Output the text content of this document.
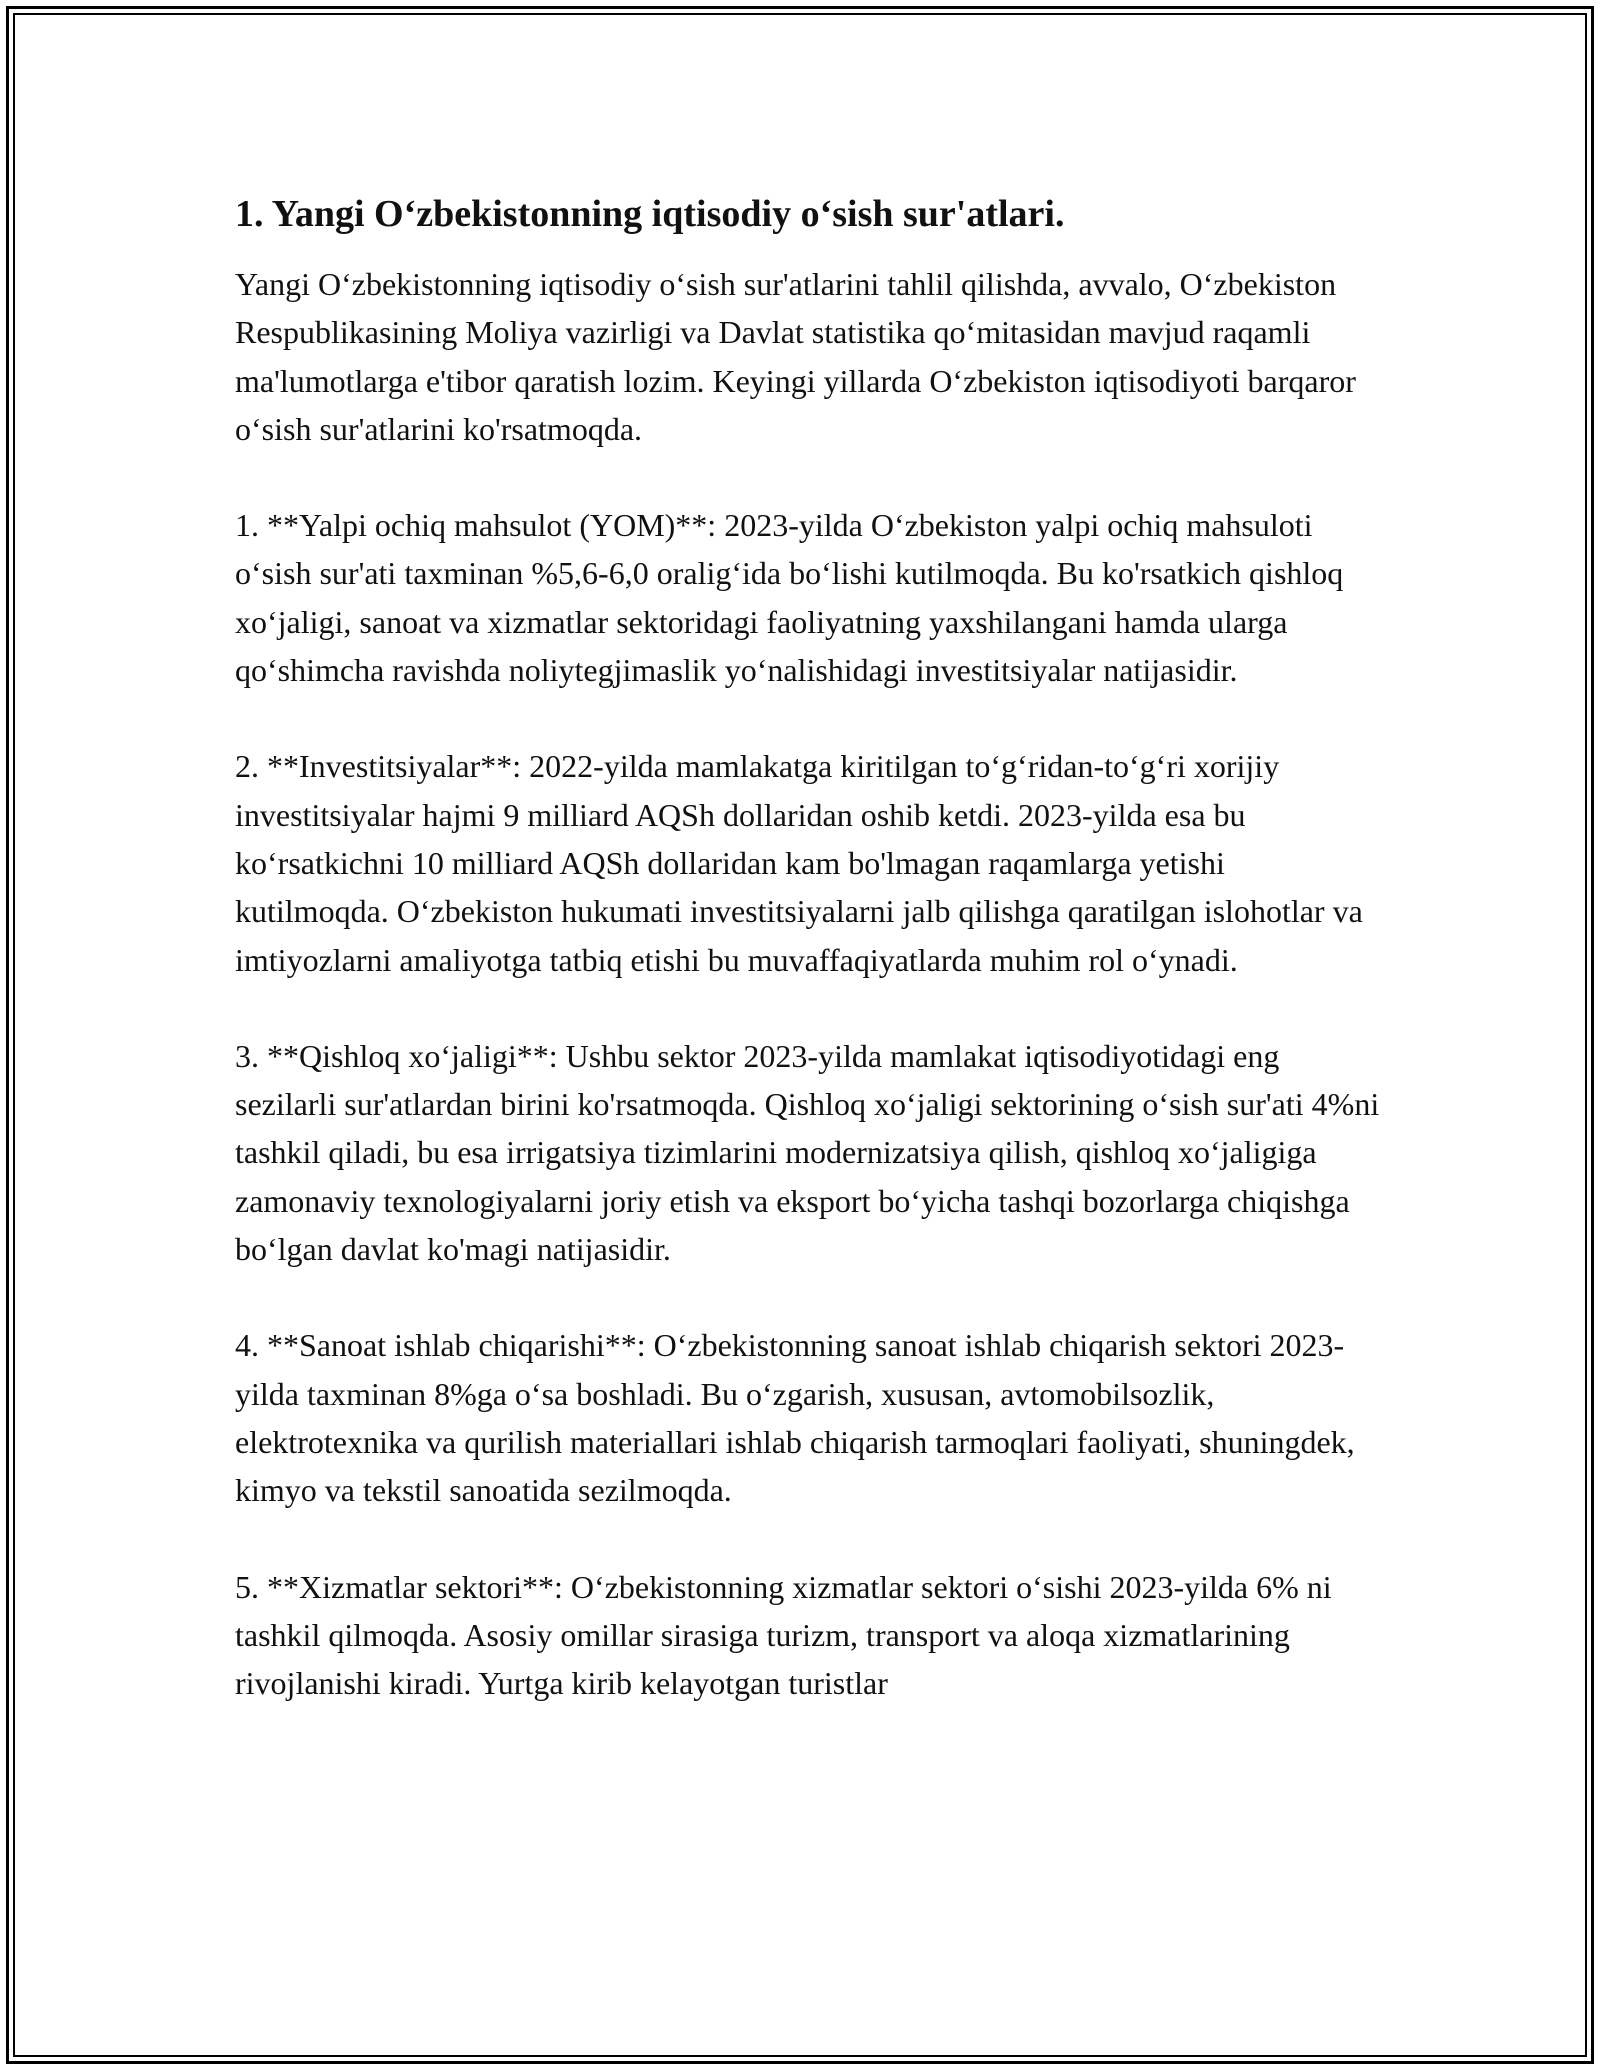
1. Yangi O‘zbekistonning iqtisodiy o‘sish sur'atlari.

Yangi O‘zbekistonning iqtisodiy o‘sish sur'atlarini tahlil qilishda, avvalo, O‘zbekiston Respublikasining Moliya vazirligi va Davlat statistika qo‘mitasidan mavjud raqamli ma'lumotlarga e'tibor qaratish lozim. Keyingi yillarda O‘zbekiston iqtisodiyoti barqaror o‘sish sur'atlarini ko'rsatmoqda.

1. **Yalpi ochiq mahsulot (YOM)**: 2023-yilda O‘zbekiston yalpi ochiq mahsuloti o‘sish sur'ati taxminan %5,6-6,0 oralig‘ida bo‘lishi kutilmoqda. Bu ko'rsatkich qishloq xo‘jaligi, sanoat va xizmatlar sektoridagi faoliyatning yaxshilangani hamda ularga qo‘shimcha ravishda noliytegjimaslik yo‘nalishidagi investitsiyalar natijasidir.

2. **Investitsiyalar**: 2022-yilda mamlakatga kiritilgan to‘g‘ridan-to‘g‘ri xorijiy investitsiyalar hajmi 9 milliard AQSh dollaridan oshib ketdi. 2023-yilda esa bu ko‘rsatkichni 10 milliard AQSh dollaridan kam bo'lmagan raqamlarga yetishi kutilmoqda. O‘zbekiston hukumati investitsiyalarni jalb qilishga qaratilgan islohotlar va imtiyozlarni amaliyotga tatbiq etishi bu muvaffaqiyatlarda muhim rol o‘ynadi.

3. **Qishloq xo‘jaligi**: Ushbu sektor 2023-yilda mamlakat iqtisodiyotidagi eng sezilarli sur'atlardan birini ko'rsatmoqda. Qishloq xo‘jaligi sektorining o‘sish sur'ati 4%ni tashkil qiladi, bu esa irrigatsiya tizimlarini modernizatsiya qilish, qishloq xo‘jaligiga zamonaviy texnologiyalarni joriy etish va eksport bo‘yicha tashqi bozorlarga chiqishga bo‘lgan davlat ko'magi natijasidir.

4. **Sanoat ishlab chiqarishi**: O‘zbekistonning sanoat ishlab chiqarish sektori 2023-yilda taxminan 8%ga o‘sa boshladi. Bu o‘zgarish, xususan, avtomobilsozlik, elektrotexnika va qurilish materiallari ishlab chiqarish tarmoqlari faoliyati, shuningdek, kimyo va tekstil sanoatida sezilmoqda.

5. **Xizmatlar sektori**: O‘zbekistonning xizmatlar sektori o‘sishi 2023-yilda 6% ni tashkil qilmoqda. Asosiy omillar sirasiga turizm, transport va aloqa xizmatlarining rivojlanishi kiradi. Yurtga kirib kelayotgan turistlar
